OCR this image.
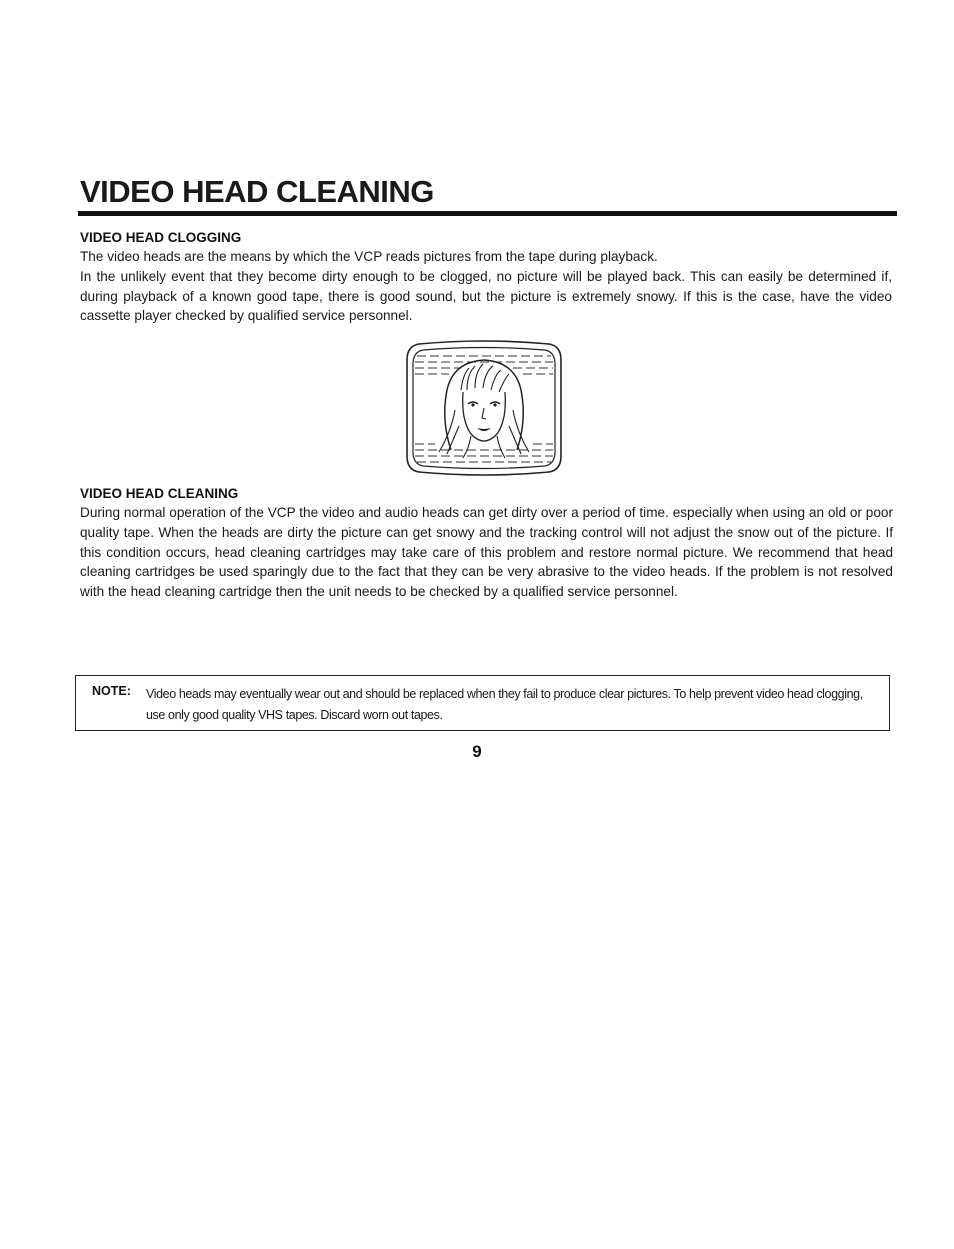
VIDEO HEAD CLEANING
VIDEO HEAD CLOGGING

The video heads are the means by which the VCP reads pictures from the tape during playback.

In the unlikely event that they become dirty enough to be clogged, no picture will be played back. This can easily be determined if, during playback of a known good tape, there is good sound, but the picture is extremely snowy. If this is the case, have the video cassette player checked by qualified service personnel.

VIDEO HEAD CLEANING

During normal operation of the VCP the video and audio heads can get dirty over a period of time. especially when using an old or poor quality tape. When the heads are dirty the picture can get snowy and the tracking control will not adjust the snow out of the picture. If this condition occurs, head cleaning cartridges may take care of this problem and restore normal picture. We recommend that head cleaning cartridges be used sparingly due to the fact that they can be very abrasive to the video heads. If the problem is not resolved with the head cleaning cartridge then the unit needs to be checked by a qualified service personnel.

NOTE: Video heads may eventually wear out and should be replaced when they fail to produce clear pictures. To help prevent video head clogging, use only good quality VHS tapes. Discard worn out tapes.
9
